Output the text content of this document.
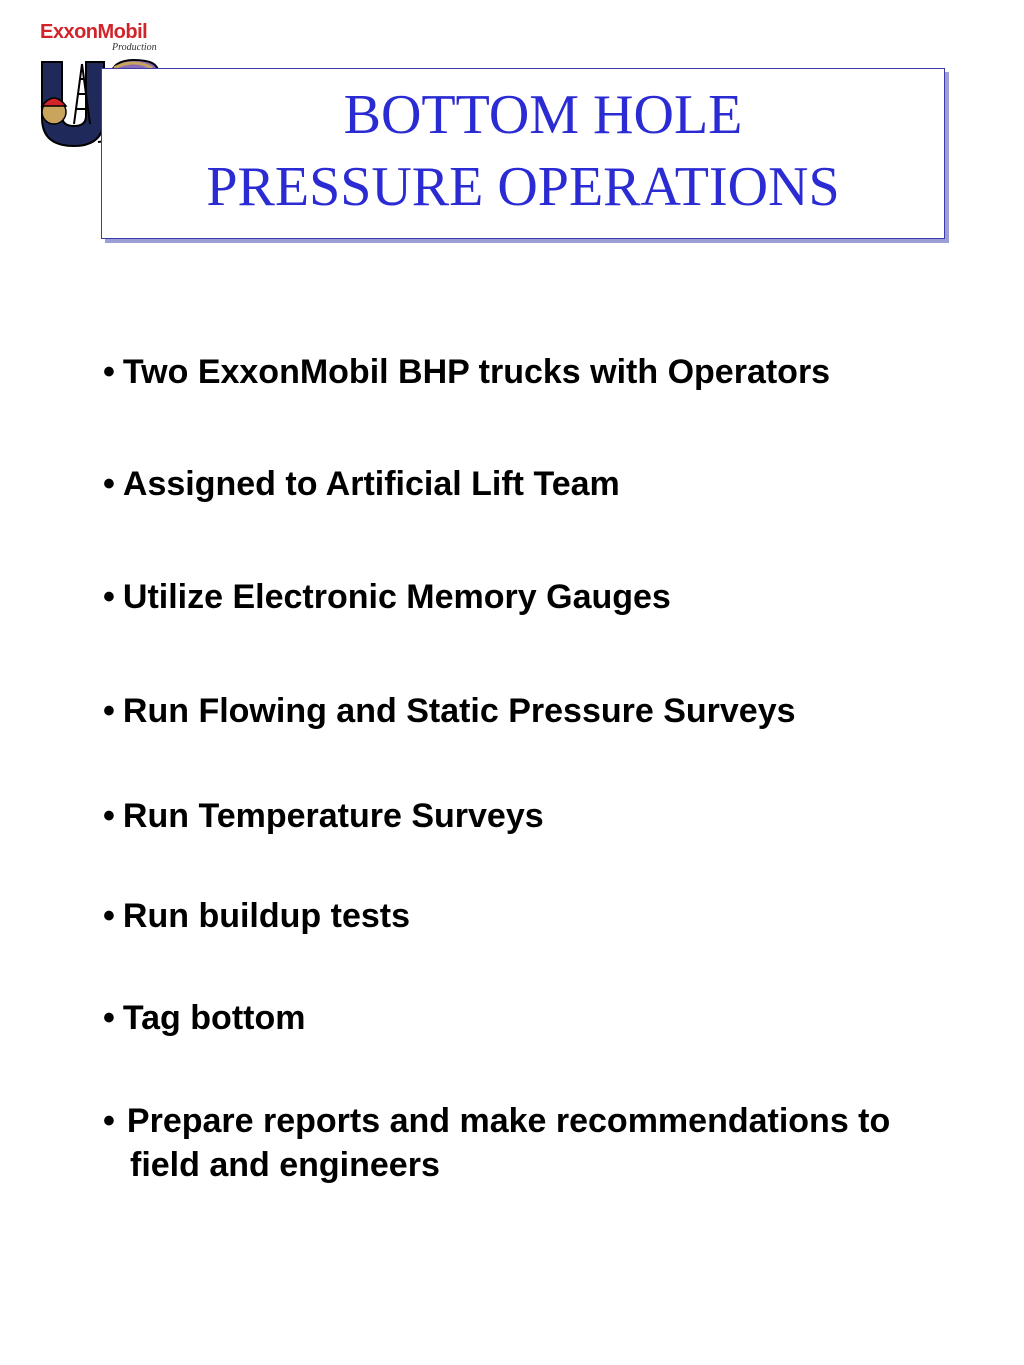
ExxonMobil
Production
BOTTOM HOLE
PRESSURE OPERATIONS
• Two ExxonMobil BHP trucks with Operators
• Assigned to Artificial Lift Team
• Utilize Electronic Memory Gauges
• Run Flowing and Static Pressure Surveys
• Run Temperature Surveys
• Run buildup tests
• Tag bottom
• Prepare reports and make recommendations to
field and engineers
